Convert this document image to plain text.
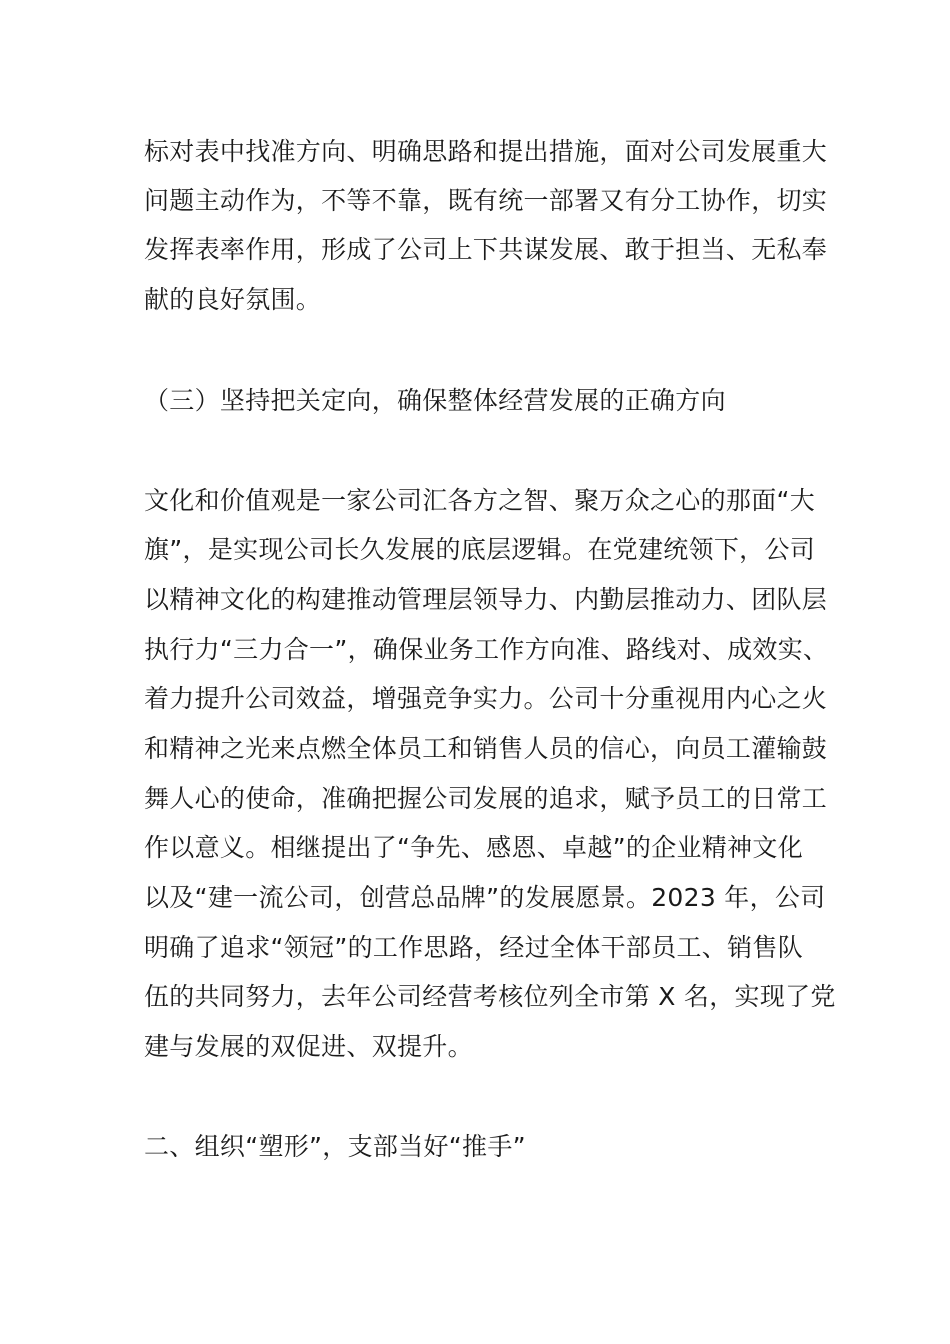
标对表中找准方向、明确思路和提出措施，面对公司发展重大
问题主动作为，不等不靠，既有统一部署又有分工协作，切实
发挥表率作用，形成了公司上下共谋发展、敢于担当、无私奉
献的良好氛围。
（三）坚持把关定向，确保整体经营发展的正确方向
文化和价值观是一家公司汇各方之智、聚万众之心的那面“大
旗”，是实现公司长久发展的底层逻辑。在党建统领下，公司
以精神文化的构建推动管理层领导力、内勤层推动力、团队层
执行力“三力合一”，确保业务工作方向准、路线对、成效实、
着力提升公司效益，增强竞争实力。公司十分重视用内心之火
和精神之光来点燃全体员工和销售人员的信心，向员工灌输鼓
舞人心的使命，准确把握公司发展的追求，赋予员工的日常工
作以意义。相继提出了“争先、感恩、卓越”的企业精神文化
以及“建一流公司，创营总品牌”的发展愿景。2023 年，公司
明确了追求“领冠”的工作思路，经过全体干部员工、销售队
伍的共同努力，去年公司经营考核位列全市第 X 名，实现了党
建与发展的双促进、双提升。
二、组织“塑形”，支部当好“推手”
